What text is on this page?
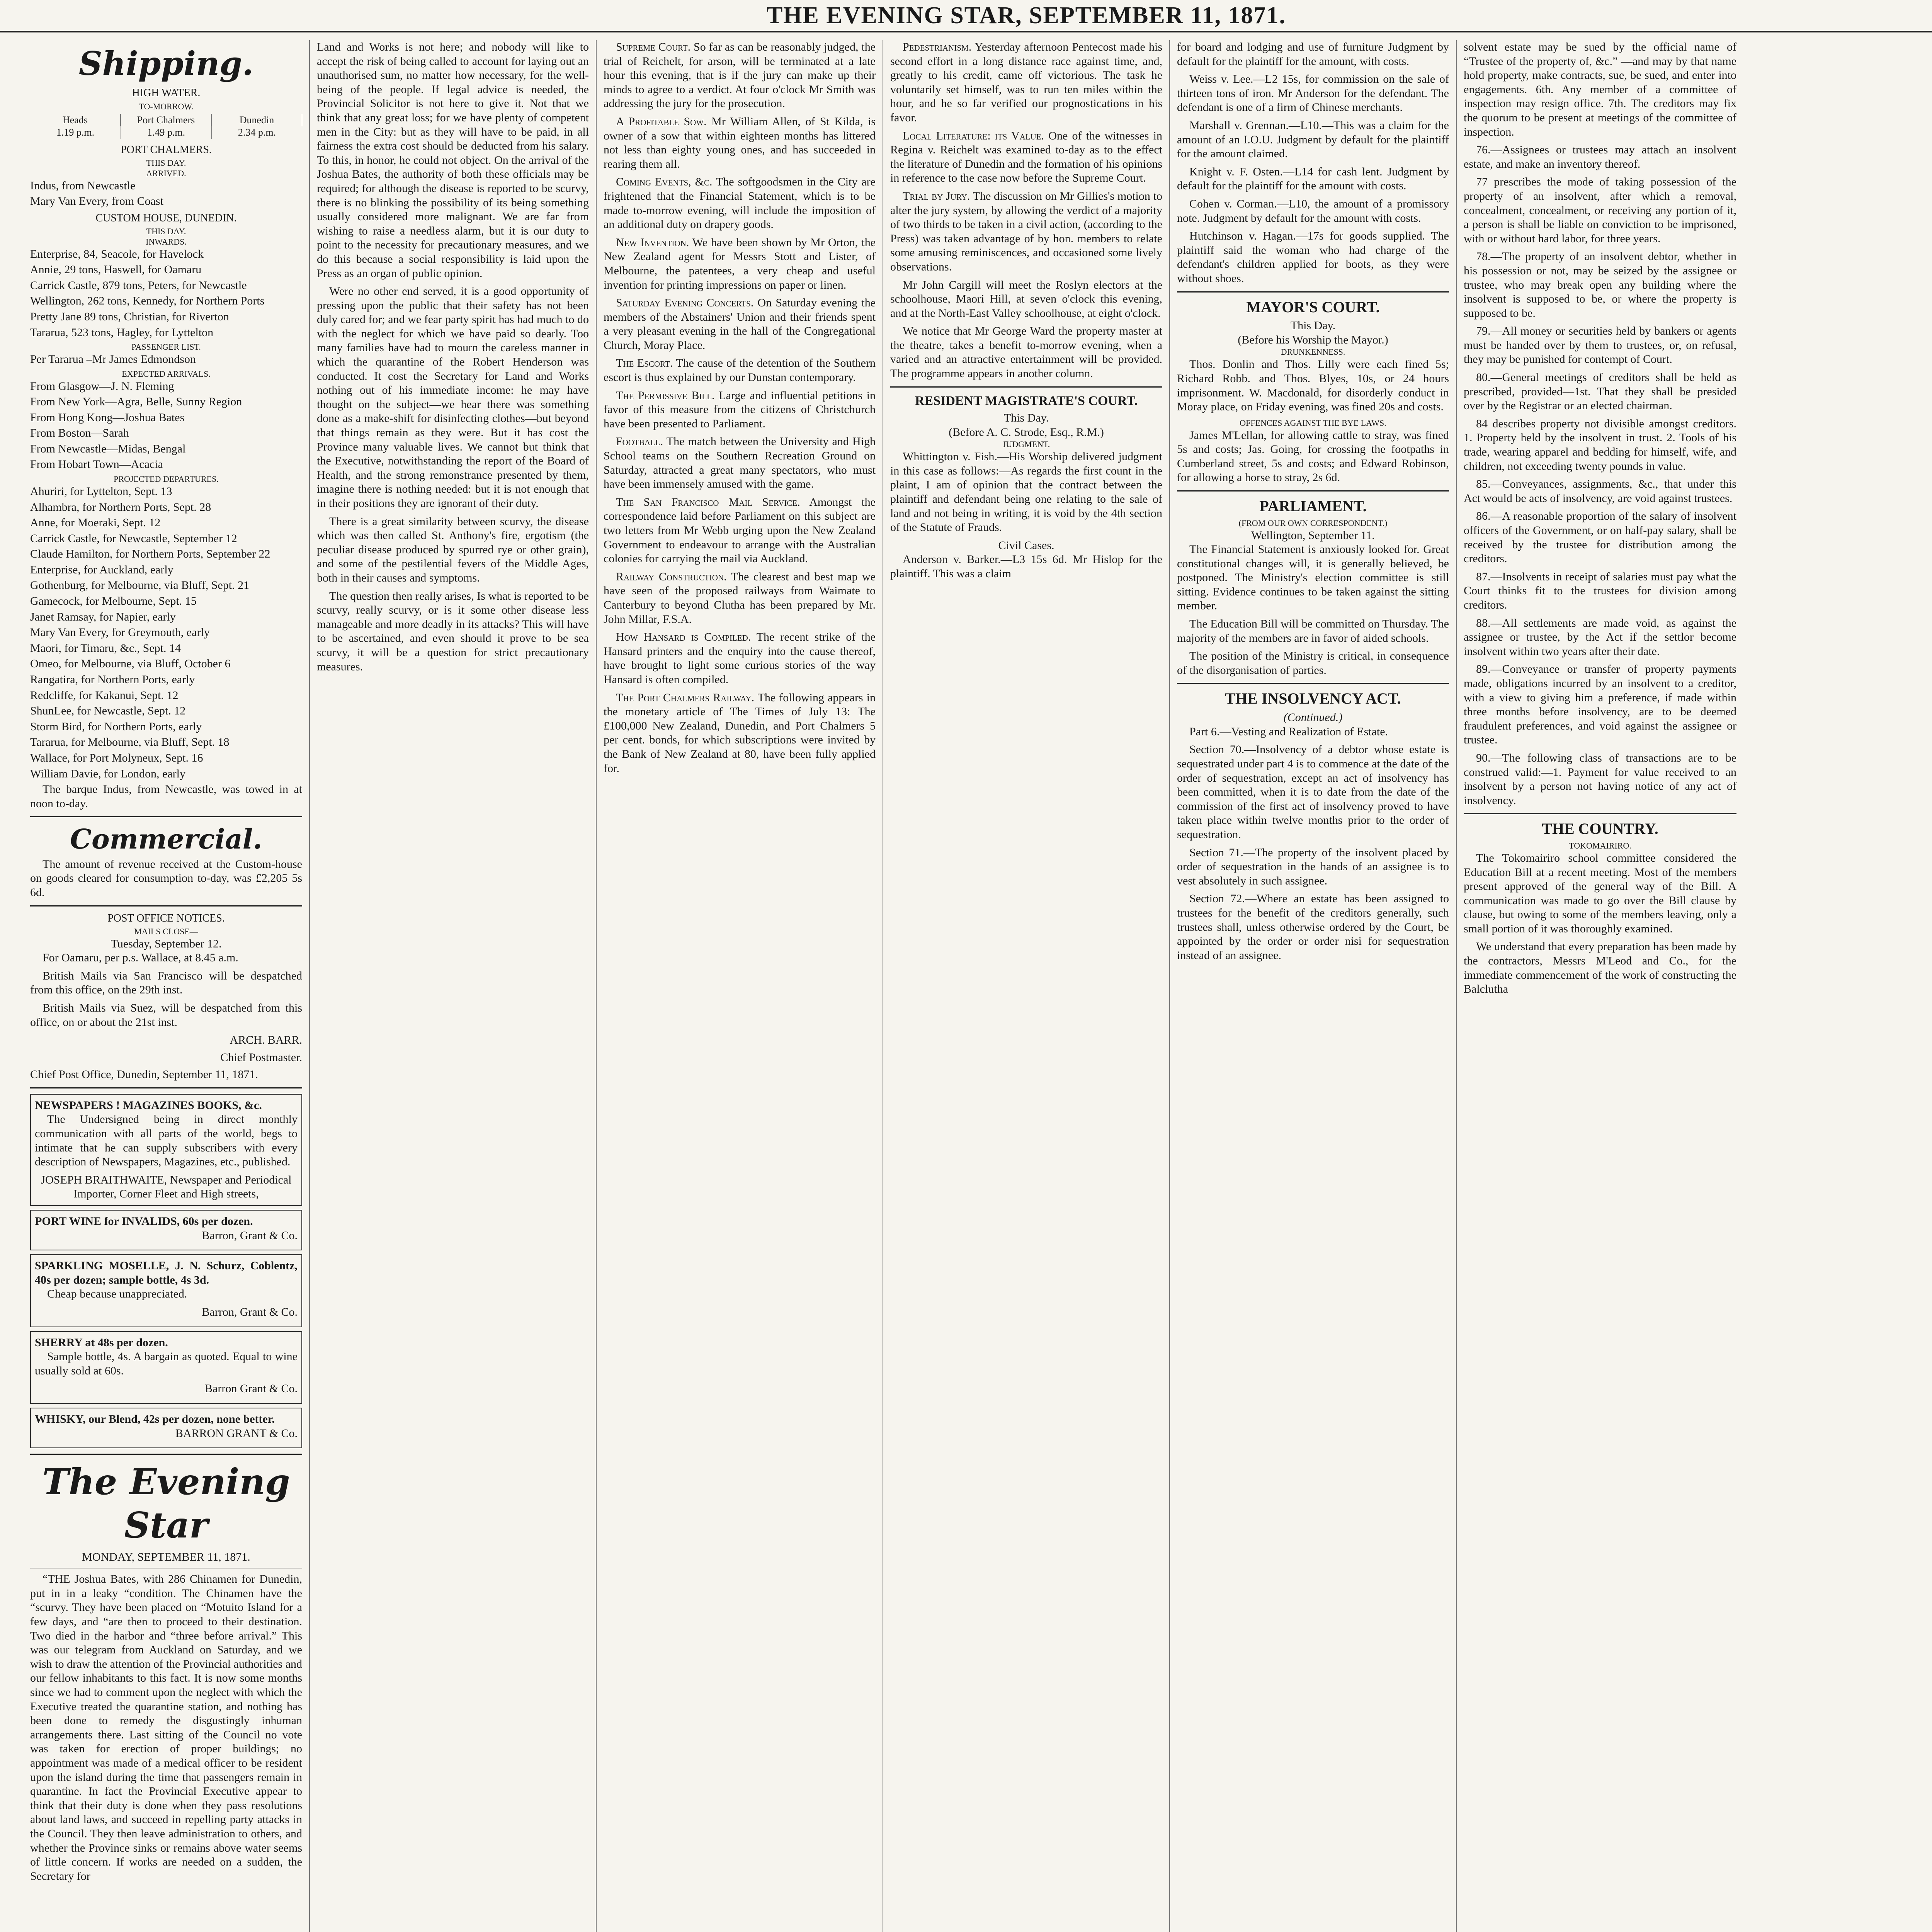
THE EVENING STAR, SEPTEMBER 11, 1871.
Shipping.
HIGH WATER.
TO-MORROW.
Heads
1.19 p.m.
Port Chalmers
1.49 p.m.
Dunedin
2.34 p.m.
PORT CHALMERS.
THIS DAY.
ARRIVED.
Indus, from Newcastle
Mary Van Every, from Coast
CUSTOM HOUSE, DUNEDIN.
THIS DAY.
INWARDS.
Enterprise, 84, Seacole, for Havelock
Annie, 29 tons, Haswell, for Oamaru
Carrick Castle, 879 tons, Peters, for Newcastle
Wellington, 262 tons, Kennedy, for Northern Ports
Pretty Jane 89 tons, Christian, for Riverton
Tararua, 523 tons, Hagley, for Lyttelton
PASSENGER LIST.
Per Tararua –Mr James Edmondson
EXPECTED ARRIVALS.
From Glasgow—J. N. Fleming
From New York—Agra, Belle, Sunny Region
From Hong Kong—Joshua Bates
From Boston—Sarah
From Newcastle—Midas, Bengal
From Hobart Town—Acacia
PROJECTED DEPARTURES.
Ahuriri, for Lyttelton, Sept. 13
Alhambra, for Northern Ports, Sept. 28
Anne, for Moeraki, Sept. 12
Carrick Castle, for Newcastle, September 12
Claude Hamilton, for Northern Ports, September 22
Enterprise, for Auckland, early
Gothenburg, for Melbourne, via Bluff, Sept. 21
Gamecock, for Melbourne, Sept. 15
Janet Ramsay, for Napier, early
Mary Van Every, for Greymouth, early
Maori, for Timaru, &c., Sept. 14
Omeo, for Melbourne, via Bluff, October 6
Rangatira, for Northern Ports, early
Redcliffe, for Kakanui, Sept. 12
ShunLee, for Newcastle, Sept. 12
Storm Bird, for Northern Ports, early
Tararua, for Melbourne, via Bluff, Sept. 18
Wallace, for Port Molyneux, Sept. 16
William Davie, for London, early

The barque Indus, from Newcastle, was towed in at noon to-day.

Commercial.

The amount of revenue received at the Custom-house on goods cleared for consumption to-day, was £2,205 5s 6d.

POST OFFICE NOTICES.
MAILS CLOSE—
Tuesday, September 12.

For Oamaru, per p.s. Wallace, at 8.45 a.m.

British Mails via San Francisco will be despatched from this office, on the 29th inst.

British Mails via Suez, will be despatched from this office, on or about the 21st inst.

ARCH. BARR.
Chief Postmaster.
Chief Post Office, Dunedin, September 11, 1871.
NEWSPAPERS ! MAGAZINES BOOKS, &c.

The Undersigned being in direct monthly communication with all parts of the world, begs to intimate that he can supply subscribers with every description of Newspapers, Magazines, etc., published.

JOSEPH BRAITHWAITE, Newspaper and Periodical Importer, Corner Fleet and High streets,
PORT WINE for INVALIDS, 60s per dozen.
Barron, Grant & Co.
SPARKLING MOSELLE, J. N. Schurz, Coblentz, 40s per dozen; sample bottle, 4s 3d.

Cheap because unappreciated.

Barron, Grant & Co.
SHERRY at 48s per dozen.

Sample bottle, 4s. A bargain as quoted. Equal to wine usually sold at 60s.

Barron Grant & Co.
WHISKY, our Blend, 42s per dozen, none better.
BARRON GRANT & Co.
The Evening Star
MONDAY, SEPTEMBER 11, 1871.

“THE Joshua Bates, with 286 Chinamen for Dunedin, put in in a leaky “condition. The Chinamen have the “scurvy. They have been placed on “Motuito Island for a few days, and “are then to proceed to their destination. Two died in the harbor and “three before arrival.” This was our telegram from Auckland on Saturday, and we wish to draw the attention of the Provincial authorities and our fellow inhabitants to this fact. It is now some months since we had to comment upon the neglect with which the Executive treated the quarantine station, and nothing has been done to remedy the disgustingly inhuman arrangements there. Last sitting of the Council no vote was taken for erection of proper buildings; no appointment was made of a medical officer to be resident upon the island during the time that passengers remain in quarantine. In fact the Provincial Executive appear to think that their duty is done when they pass resolutions about land laws, and succeed in repelling party attacks in the Council. They then leave administration to others, and whether the Province sinks or remains above water seems of little concern. If works are needed on a sudden, the Secretary for

Land and Works is not here; and nobody will like to accept the risk of being called to account for laying out an unauthorised sum, no matter how necessary, for the well-being of the people. If legal advice is needed, the Provincial Solicitor is not here to give it. Not that we think that any great loss; for we have plenty of competent men in the City: but as they will have to be paid, in all fairness the extra cost should be deducted from his salary. To this, in honor, he could not object. On the arrival of the Joshua Bates, the authority of both these officials may be required; for although the disease is reported to be scurvy, there is no blinking the possibility of its being something usually considered more malignant. We are far from wishing to raise a needless alarm, but it is our duty to point to the necessity for precautionary measures, and we do this because a social responsibility is laid upon the Press as an organ of public opinion.

Were no other end served, it is a good opportunity of pressing upon the public that their safety has not been duly cared for; and we fear party spirit has had much to do with the neglect for which we have paid so dearly. Too many families have had to mourn the careless manner in which the quarantine of the Robert Henderson was conducted. It cost the Secretary for Land and Works nothing out of his immediate income: he may have thought on the subject—we hear there was something done as a make-shift for disinfecting clothes—but beyond that things remain as they were. But it has cost the Province many valuable lives. We cannot but think that the Executive, notwithstanding the report of the Board of Health, and the strong remonstrance presented by them, imagine there is nothing needed: but it is not enough that in their positions they are ignorant of their duty.

There is a great similarity between scurvy, the disease which was then called St. Anthony's fire, ergotism (the peculiar disease produced by spurred rye or other grain), and some of the pestilential fevers of the Middle Ages, both in their causes and symptoms.

The question then really arises, Is what is reported to be scurvy, really scurvy, or is it some other disease less manageable and more deadly in its attacks? This will have to be ascertained, and even should it prove to be sea scurvy, it will be a question for strict precautionary measures.

Supreme Court. So far as can be reasonably judged, the trial of Reichelt, for arson, will be terminated at a late hour this evening, that is if the jury can make up their minds to agree to a verdict. At four o'clock Mr Smith was addressing the jury for the prosecution.

A Profitable Sow. Mr William Allen, of St Kilda, is owner of a sow that within eighteen months has littered not less than eighty young ones, and has succeeded in rearing them all.

Coming Events, &c. The softgoodsmen in the City are frightened that the Financial Statement, which is to be made to-morrow evening, will include the imposition of an additional duty on drapery goods.

New Invention. We have been shown by Mr Orton, the New Zealand agent for Messrs Stott and Lister, of Melbourne, the patentees, a very cheap and useful invention for printing impressions on paper or linen.

Saturday Evening Concerts. On Saturday evening the members of the Abstainers' Union and their friends spent a very pleasant evening in the hall of the Congregational Church, Moray Place.

The Escort. The cause of the detention of the Southern escort is thus explained by our Dunstan contemporary.

The Permissive Bill. Large and influential petitions in favor of this measure from the citizens of Christchurch have been presented to Parliament.

Football. The match between the University and High School teams on the Southern Recreation Ground on Saturday, attracted a great many spectators, who must have been immensely amused with the game.

The San Francisco Mail Service. Amongst the correspondence laid before Parliament on this subject are two letters from Mr Webb urging upon the New Zealand Government to endeavour to arrange with the Australian colonies for carrying the mail via Auckland.

Railway Construction. The clearest and best map we have seen of the proposed railways from Waimate to Canterbury to beyond Clutha has been prepared by Mr. John Millar, F.S.A.

How Hansard is Compiled. The recent strike of the Hansard printers and the enquiry into the cause thereof, have brought to light some curious stories of the way Hansard is often compiled.

The Port Chalmers Railway. The following appears in the monetary article of The Times of July 13: The £100,000 New Zealand, Dunedin, and Port Chalmers 5 per cent. bonds, for which subscriptions were invited by the Bank of New Zealand at 80, have been fully applied for.

Pedestrianism. Yesterday afternoon Pentecost made his second effort in a long distance race against time, and, greatly to his credit, came off victorious. The task he voluntarily set himself, was to run ten miles within the hour, and he so far verified our prognostications in his favor.

Local Literature: its Value. One of the witnesses in Regina v. Reichelt was examined to-day as to the effect the literature of Dunedin and the formation of his opinions in reference to the case now before the Supreme Court.

Trial by Jury. The discussion on Mr Gillies's motion to alter the jury system, by allowing the verdict of a majority of two thirds to be taken in a civil action, (according to the Press) was taken advantage of by hon. members to relate some amusing reminiscences, and occasioned some lively observations.

Mr John Cargill will meet the Roslyn electors at the schoolhouse, Maori Hill, at seven o'clock this evening, and at the North-East Valley schoolhouse, at eight o'clock.

We notice that Mr George Ward the property master at the theatre, takes a benefit to-morrow evening, when a varied and an attractive entertainment will be provided. The programme appears in another column.

RESIDENT MAGISTRATE'S COURT.
This Day.
(Before A. C. Strode, Esq., R.M.)
JUDGMENT.

Whittington v. Fish.—His Worship delivered judgment in this case as follows:—As regards the first count in the plaint, I am of opinion that the contract between the plaintiff and defendant being one relating to the sale of land and not being in writing, it is void by the 4th section of the Statute of Frauds.

Civil Cases.

Anderson v. Barker.—L3 15s 6d. Mr Hislop for the plaintiff. This was a claim

for board and lodging and use of furniture Judgment by default for the plaintiff for the amount, with costs.

Weiss v. Lee.—L2 15s, for commission on the sale of thirteen tons of iron. Mr Anderson for the defendant. The defendant is one of a firm of Chinese merchants.

Marshall v. Grennan.—L10.—This was a claim for the amount of an I.O.U. Judgment by default for the plaintiff for the amount claimed.

Knight v. F. Osten.—L14 for cash lent. Judgment by default for the plaintiff for the amount with costs.

Cohen v. Corman.—L10, the amount of a promissory note. Judgment by default for the amount with costs.

Hutchinson v. Hagan.—17s for goods supplied. The plaintiff said the woman who had charge of the defendant's children applied for boots, as they were without shoes.

MAYOR'S COURT.
This Day.
(Before his Worship the Mayor.)
DRUNKENNESS.

Thos. Donlin and Thos. Lilly were each fined 5s; Richard Robb. and Thos. Blyes, 10s, or 24 hours imprisonment. W. Macdonald, for disorderly conduct in Moray place, on Friday evening, was fined 20s and costs.

OFFENCES AGAINST THE BYE LAWS.

James M'Lellan, for allowing cattle to stray, was fined 5s and costs; Jas. Going, for crossing the footpaths in Cumberland street, 5s and costs; and Edward Robinson, for allowing a horse to stray, 2s 6d.

PARLIAMENT.
(FROM OUR OWN CORRESPONDENT.)
Wellington, September 11.

The Financial Statement is anxiously looked for. Great constitutional changes will, it is generally believed, be postponed. The Ministry's election committee is still sitting. Evidence continues to be taken against the sitting member.

The Education Bill will be committed on Thursday. The majority of the members are in favor of aided schools.

The position of the Ministry is critical, in consequence of the disorganisation of parties.

THE INSOLVENCY ACT.
(Continued.)

Part 6.—Vesting and Realization of Estate.

Section 70.—Insolvency of a debtor whose estate is sequestrated under part 4 is to commence at the date of the order of sequestration, except an act of insolvency has been committed, when it is to date from the date of the commission of the first act of insolvency proved to have taken place within twelve months prior to the order of sequestration.

Section 71.—The property of the insolvent placed by order of sequestration in the hands of an assignee is to vest absolutely in such assignee.

Section 72.—Where an estate has been assigned to trustees for the benefit of the creditors generally, such trustees shall, unless otherwise ordered by the Court, be appointed by the order or order nisi for sequestration instead of an assignee.

solvent estate may be sued by the official name of “Trustee of the property of, &c.” —and may by that name hold property, make contracts, sue, be sued, and enter into engagements. 6th. Any member of a committee of inspection may resign office. 7th. The creditors may fix the quorum to be present at meetings of the committee of inspection.

76.—Assignees or trustees may attach an insolvent estate, and make an inventory thereof.

77 prescribes the mode of taking possession of the property of an insolvent, after which a removal, concealment, concealment, or receiving any portion of it, a person is shall be liable on conviction to be imprisoned, with or without hard labor, for three years.

78.—The property of an insolvent debtor, whether in his possession or not, may be seized by the assignee or trustee, who may break open any building where the insolvent is supposed to be, or where the property is supposed to be.

79.—All money or securities held by bankers or agents must be handed over by them to trustees, or, on refusal, they may be punished for contempt of Court.

80.—General meetings of creditors shall be held as prescribed, provided—1st. That they shall be presided over by the Registrar or an elected chairman.

84 describes property not divisible amongst creditors. 1. Property held by the insolvent in trust. 2. Tools of his trade, wearing apparel and bedding for himself, wife, and children, not exceeding twenty pounds in value.

85.—Conveyances, assignments, &c., that under this Act would be acts of insolvency, are void against trustees.

86.—A reasonable proportion of the salary of insolvent officers of the Government, or on half-pay salary, shall be received by the trustee for distribution among the creditors.

87.—Insolvents in receipt of salaries must pay what the Court thinks fit to the trustees for division among creditors.

88.—All settlements are made void, as against the assignee or trustee, by the Act if the settlor become insolvent within two years after their date.

89.—Conveyance or transfer of property payments made, obligations incurred by an insolvent to a creditor, with a view to giving him a preference, if made within three months before insolvency, are to be deemed fraudulent preferences, and void against the assignee or trustee.

90.—The following class of transactions are to be construed valid:—1. Payment for value received to an insolvent by a person not having notice of any act of insolvency.

THE COUNTRY.
TOKOMAIRIRO.

The Tokomairiro school committee considered the Education Bill at a recent meeting. Most of the members present approved of the general way of the Bill. A communication was made to go over the Bill clause by clause, but owing to some of the members leaving, only a small portion of it was thoroughly examined.

We understand that every preparation has been made by the contractors, Messrs M'Leod and Co., for the immediate commencement of the work of constructing the Balclutha
